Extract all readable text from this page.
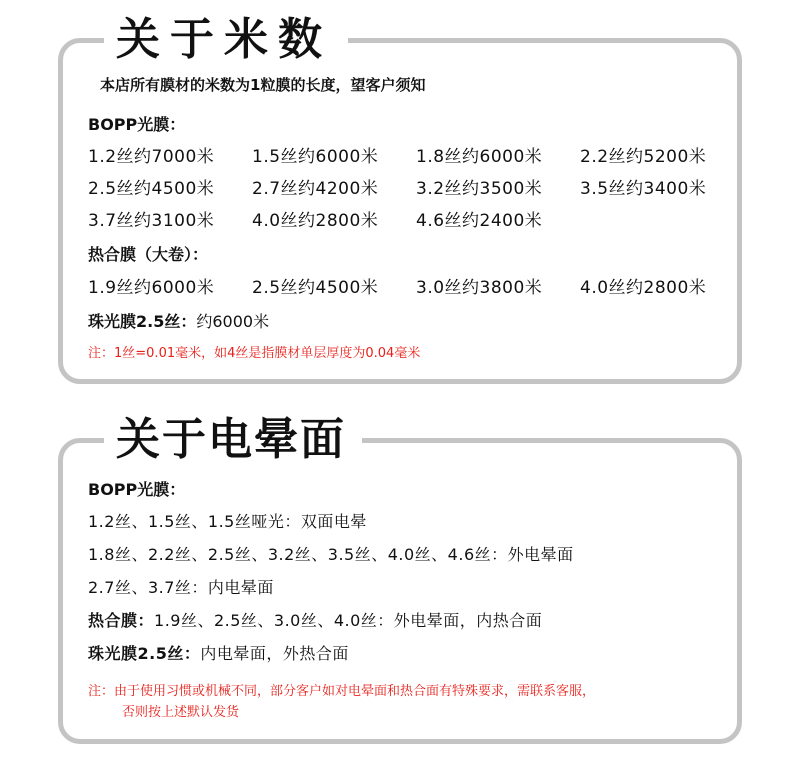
关于米数
本店所有膜材的米数为1粒膜的长度，望客户须知
BOPP光膜：
1.2丝约7000米 1.5丝约6000米 1.8丝约6000米 2.2丝约5200米
2.5丝约4500米 2.7丝约4200米 3.2丝约3500米 3.5丝约3400米
3.7丝约3100米 4.0丝约2800米 4.6丝约2400米
热合膜（大卷）：
1.9丝约6000米 2.5丝约4500米 3.0丝约3800米 4.0丝约2800米
珠光膜2.5丝：约6000米
注：1丝=0.01毫米，如4丝是指膜材单层厚度为0.04毫米
关于电晕面
BOPP光膜：
1.2丝、1.5丝、1.5丝哑光：双面电晕
1.8丝、2.2丝、2.5丝、3.2丝、3.5丝、4.0丝、4.6丝：外电晕面
2.7丝、3.7丝：内电晕面
热合膜：1.9丝、2.5丝、3.0丝、4.0丝：外电晕面，内热合面
珠光膜2.5丝：内电晕面，外热合面
注：由于使用习惯或机械不同，部分客户如对电晕面和热合面有特殊要求，需联系客服，
否则按上述默认发货
